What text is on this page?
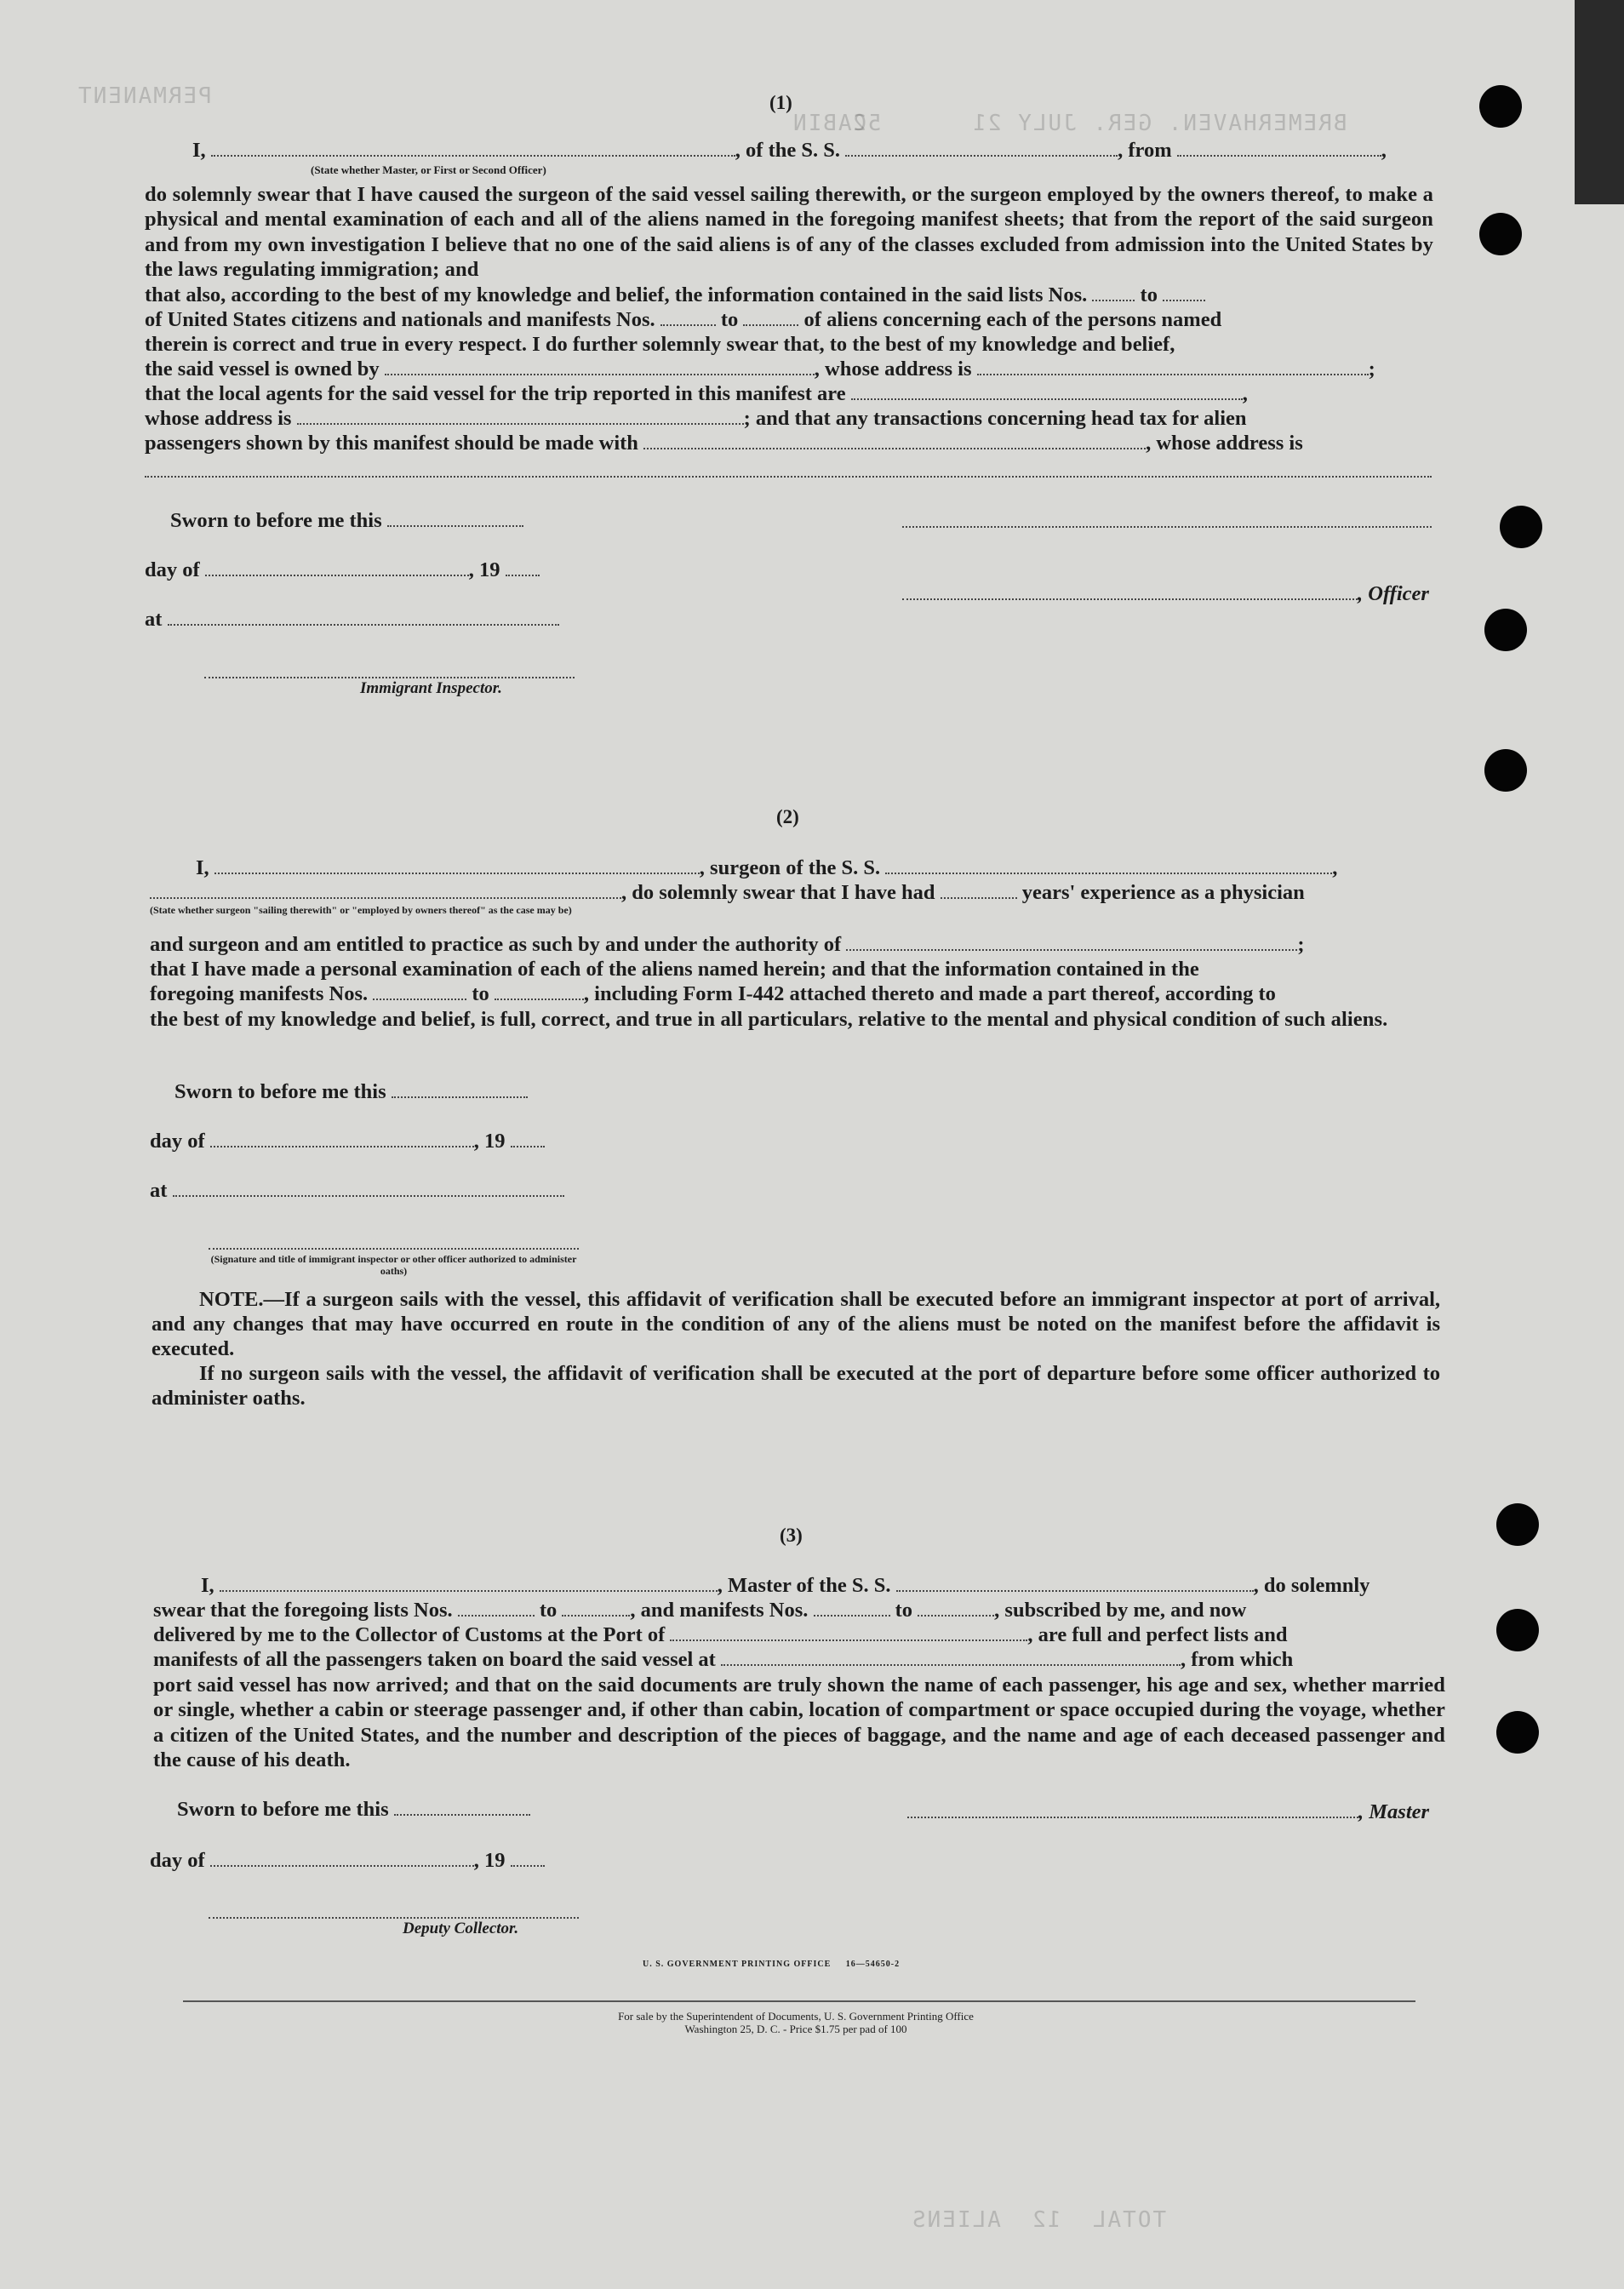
PERMANENT
CABIN
BREMERHAVEN. GER. JULY 21      52
TOTAL  12  ALIENS
(1)
I,	, of the S. S.	, from	,
(State whether Master, or First or Second Officer)
do solemnly swear that I have caused the surgeon of the said vessel sailing therewith, or the surgeon employed by the owners thereof, to make a physical and mental examination of each and all of the aliens named in the foregoing manifest sheets; that from the report of the said surgeon and from my own investigation I believe that no one of the said aliens is of any of the classes excluded from admission into the United States by the laws regulating immigration; and
that also, according to the best of my knowledge and belief, the information contained in the said lists Nos.	to
of United States citizens and nationals and manifests Nos.	to	of aliens concerning each of the persons named
therein is correct and true in every respect. I do further solemnly swear that, to the best of my knowledge and belief,
the said vessel is owned by	, whose address is	;
that the local agents for the said vessel for the trip reported in this manifest are	,
whose address is	; and that any transactions concerning head tax for alien
passengers shown by this manifest should be made with	, whose address is
Sworn to before me this
day of	, 19
at
Immigrant Inspector.
, Officer
(2)
I,	, surgeon of the S. S.	,
, do solemnly swear that I have had	years' experience as a physician
(State whether surgeon "sailing therewith" or "employed by owners thereof" as the case may be)
and surgeon and am entitled to practice as such by and under the authority of	;
that I have made a personal examination of each of the aliens named herein; and that the information contained in the
foregoing manifests Nos.	to	, including Form I-442 attached thereto and made a part thereof, according to
the best of my knowledge and belief, is full, correct, and true in all particulars, relative to the mental and physical condition of such aliens.
Sworn to before me this
day of	, 19
at
(Signature and title of immigrant inspector or other officer authorized to administer oaths)
NOTE.—If a surgeon sails with the vessel, this affidavit of verification shall be executed before an immigrant inspector at port of arrival, and any changes that may have occurred en route in the condition of any of the aliens must be noted on the manifest before the affidavit is executed.
If no surgeon sails with the vessel, the affidavit of verification shall be executed at the port of departure before some officer authorized to administer oaths.
(3)
I,	, Master of the S. S.	, do solemnly
swear that the foregoing lists Nos.	to	, and manifests Nos.	to	, subscribed by me, and now
delivered by me to the Collector of Customs at the Port of	, are full and perfect lists and
manifests of all the passengers taken on board the said vessel at	, from which
port said vessel has now arrived; and that on the said documents are truly shown the name of each passenger, his age and sex, whether married or single, whether a cabin or steerage passenger and, if other than cabin, location of compartment or space occupied during the voyage, whether a citizen of the United States, and the number and description of the pieces of baggage, and the name and age of each deceased passenger and the cause of his death.
Sworn to before me this	, Master
day of	, 19
Deputy Collector.
U. S. GOVERNMENT PRINTING OFFICE     16—54650-2
For sale by the Superintendent of Documents, U. S. Government Printing Office
Washington 25, D. C. - Price $1.75 per pad of 100
